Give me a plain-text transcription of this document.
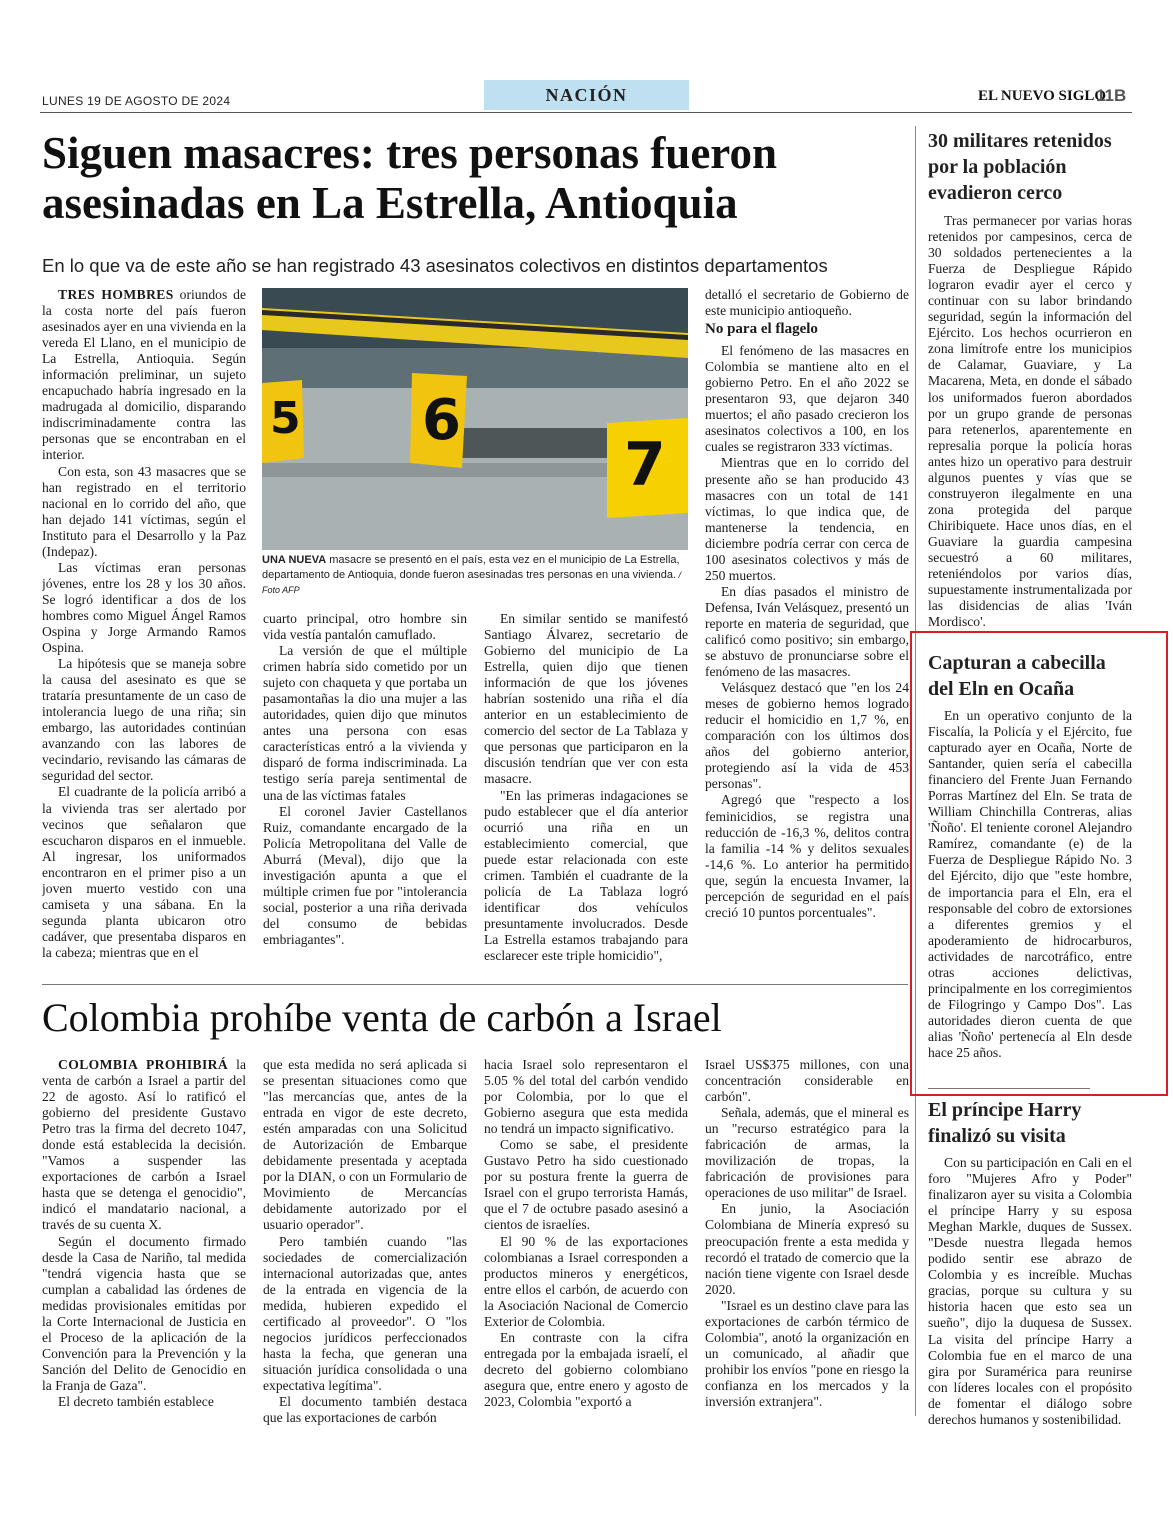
LUNES 19 DE AGOSTO DE 2024	NACIÓN	EL NUEVO SIGLO
11B
Siguen masacres: tres personas fueron
asesinadas en La Estrella, Antioquia
En lo que va de este año se han registrado 43 asesinatos colectivos en distintos departamentos

TRES HOMBRES oriundos de la costa norte del país fueron asesinados ayer en una vivienda en la vereda El Llano, en el municipio de La Estrella, Antioquia. Según información preliminar, un sujeto encapuchado habría ingresado en la madrugada al domicilio, disparando indiscriminadamente contra las personas que se encontraban en el interior.

Con esta, son 43 masacres que se han registrado en el territorio nacional en lo corrido del año, que han dejado 141 víctimas, según el Instituto para el Desarrollo y la Paz (Indepaz).

Las víctimas eran personas jóvenes, entre los 28 y los 30 años. Se logró identificar a dos de los hombres como Miguel Ángel Ramos Ospina y Jorge Armando Ramos Ospina.

La hipótesis que se maneja sobre la causa del asesinato es que se trataría presuntamente de un caso de intolerancia luego de una riña; sin embargo, las autoridades continúan avanzando con las labores de vecindario, revisando las cámaras de seguridad del sector.

El cuadrante de la policía arribó a la vivienda tras ser alertado por vecinos que señalaron que escucharon disparos en el inmueble. Al ingresar, los uniformados encontraron en el primer piso a un joven muerto vestido con una camiseta y una sábana. En la segunda planta ubicaron otro cadáver, que presentaba disparos en la cabeza; mientras que en el

5 6
7
UNA NUEVA masacre se presentó en el país, esta vez en el municipio de La Estrella, departamento de Antioquia, donde fueron asesinadas tres personas en una vivienda. / Foto AFP

cuarto principal, otro hombre sin vida vestía pantalón camuflado.

La versión de que el múltiple crimen habría sido cometido por un sujeto con chaqueta y que portaba un pasamontañas la dio una mujer a las autoridades, quien dijo que minutos antes una persona con esas características entró a la vivienda y disparó de forma indiscriminada. La testigo sería pareja sentimental de una de las víctimas fatales

El coronel Javier Castellanos Ruiz, comandante encargado de la Policía Metropolitana del Valle de Aburrá (Meval), dijo que la investigación apunta a que el múltiple crimen fue por "intolerancia social, posterior a una riña derivada del consumo de bebidas embriagantes".

En similar sentido se manifestó Santiago Álvarez, secretario de Gobierno del municipio de La Estrella, quien dijo que tienen información de que los jóvenes habrían sostenido una riña el día anterior en un establecimiento de comercio del sector de La Tablaza y que personas que participaron en la discusión tendrían que ver con esta masacre.

"En las primeras indagaciones se pudo establecer que el día anterior ocurrió una riña en un establecimiento comercial, que puede estar relacionada con este crimen. También el cuadrante de la policía de La Tablaza logró identificar dos vehículos presuntamente involucrados. Desde La Estrella estamos trabajando para esclarecer este triple homicidio",

detalló el secretario de Gobierno de este municipio antioqueño.

No para el flagelo

El fenómeno de las masacres en Colombia se mantiene alto en el gobierno Petro. En el año 2022 se presentaron 93, que dejaron 340 muertos; el año pasado crecieron los asesinatos colectivos a 100, en los cuales se registraron 333 víctimas.

Mientras que en lo corrido del presente año se han producido 43 masacres con un total de 141 víctimas, lo que indica que, de mantenerse la tendencia, en diciembre podría cerrar con cerca de 100 asesinatos colectivos y más de 250 muertos.

En días pasados el ministro de Defensa, Iván Velásquez, presentó un reporte en materia de seguridad, que calificó como positivo; sin embargo, se abstuvo de pronunciarse sobre el fenómeno de las masacres.

Velásquez destacó que "en los 24 meses de gobierno hemos logrado reducir el homicidio en 1,7 %, en comparación con los últimos dos años del gobierno anterior, protegiendo así la vida de 453 personas".

Agregó que "respecto a los feminicidios, se registra una reducción de -16,3 %, delitos contra la familia -14 % y delitos sexuales -14,6 %. Lo anterior ha permitido que, según la encuesta Invamer, la percepción de seguridad en el país creció 10 puntos porcentuales".

Colombia prohíbe venta de carbón a Israel

COLOMBIA PROHIBIRÁ la venta de carbón a Israel a partir del 22 de agosto. Así lo ratificó el gobierno del presidente Gustavo Petro tras la firma del decreto 1047, donde está establecida la decisión. "Vamos a suspender las exportaciones de carbón a Israel hasta que se detenga el genocidio", indicó el mandatario nacional, a través de su cuenta X.

Según el documento firmado desde la Casa de Nariño, tal medida "tendrá vigencia hasta que se cumplan a cabalidad las órdenes de medidas provisionales emitidas por la Corte Internacional de Justicia en el Proceso de la aplicación de la Convención para la Prevención y la Sanción del Delito de Genocidio en la Franja de Gaza".

El decreto también establece

que esta medida no será aplicada si se presentan situaciones como que "las mercancías que, antes de la entrada en vigor de este decreto, estén amparadas con una Solicitud de Autorización de Embarque debidamente presentada y aceptada por la DIAN, o con un Formulario de Movimiento de Mercancías debidamente autorizado por el usuario operador".

Pero también cuando "las sociedades de comercialización internacional autorizadas que, antes de la entrada en vigencia de la medida, hubieren expedido el certificado al proveedor". O "los negocios jurídicos perfeccionados hasta la fecha, que generan una situación jurídica consolidada o una expectativa legítima".

El documento también destaca que las exportaciones de carbón

hacia Israel solo representaron el 5.05 % del total del carbón vendido por Colombia, por lo que el Gobierno asegura que esta medida no tendrá un impacto significativo.

Como se sabe, el presidente Gustavo Petro ha sido cuestionado por su postura frente la guerra de Israel con el grupo terrorista Hamás, que el 7 de octubre pasado asesinó a cientos de israelíes.

El 90 % de las exportaciones colombianas a Israel corresponden a productos mineros y energéticos, entre ellos el carbón, de acuerdo con la Asociación Nacional de Comercio Exterior de Colombia.

En contraste con la cifra entregada por la embajada israelí, el decreto del gobierno colombiano asegura que, entre enero y agosto de 2023, Colombia "exportó a

Israel US$375 millones, con una concentración considerable en carbón".

Señala, además, que el mineral es un "recurso estratégico para la fabricación de armas, la movilización de tropas, la fabricación de provisiones para operaciones de uso militar" de Israel.

En junio, la Asociación Colombiana de Minería expresó su preocupación frente a esta medida y recordó el tratado de comercio que la nación tiene vigente con Israel desde 2020.

"Israel es un destino clave para las exportaciones de carbón térmico de Colombia", anotó la organización en un comunicado, al añadir que prohibir los envíos "pone en riesgo la confianza en los mercados y la inversión extranjera".

30 militares retenidos por la población evadieron cerco

Tras permanecer por varias horas retenidos por campesinos, cerca de 30 soldados pertenecientes a la Fuerza de Despliegue Rápido lograron evadir ayer el cerco y continuar con su labor brindando seguridad, según la información del Ejército. Los hechos ocurrieron en zona limítrofe entre los municipios de Calamar, Guaviare, y La Macarena, Meta, en donde el sábado los uniformados fueron abordados por un grupo grande de personas para retenerlos, aparentemente en represalia porque la policía horas antes hizo un operativo para destruir algunos puentes y vías que se construyeron ilegalmente en una zona protegida del parque Chiribiquete. Hace unos días, en el Guaviare la guardia campesina secuestró a 60 militares, reteniéndolos por varios días, supuestamente instrumentalizada por las disidencias de alias 'Iván Mordisco'.

Capturan a cabecilla del Eln en Ocaña

En un operativo conjunto de la Fiscalía, la Policía y el Ejército, fue capturado ayer en Ocaña, Norte de Santander, quien sería el cabecilla financiero del Frente Juan Fernando Porras Martínez del Eln. Se trata de William Chinchilla Contreras, alias 'Ñoño'. El teniente coronel Alejandro Ramírez, comandante (e) de la Fuerza de Despliegue Rápido No. 3 del Ejército, dijo que "este hombre, de importancia para el Eln, era el responsable del cobro de extorsiones a diferentes gremios y el apoderamiento de hidrocarburos, actividades de narcotráfico, entre otras acciones delictivas, principalmente en los corregimientos de Filogringo y Campo Dos". Las autoridades dieron cuenta de que alias 'Ñoño' pertenecía al Eln desde hace 25 años.

El príncipe Harry finalizó su visita

Con su participación en Cali en el foro "Mujeres Afro y Poder" finalizaron ayer su visita a Colombia el príncipe Harry y su esposa Meghan Markle, duques de Sussex. "Desde nuestra llegada hemos podido sentir ese abrazo de Colombia y es increíble. Muchas gracias, porque su cultura y su historia hacen que esto sea un sueño", dijo la duquesa de Sussex. La visita del príncipe Harry a Colombia fue en el marco de una gira por Suramérica para reunirse con líderes locales con el propósito de fomentar el diálogo sobre derechos humanos y sostenibilidad.
